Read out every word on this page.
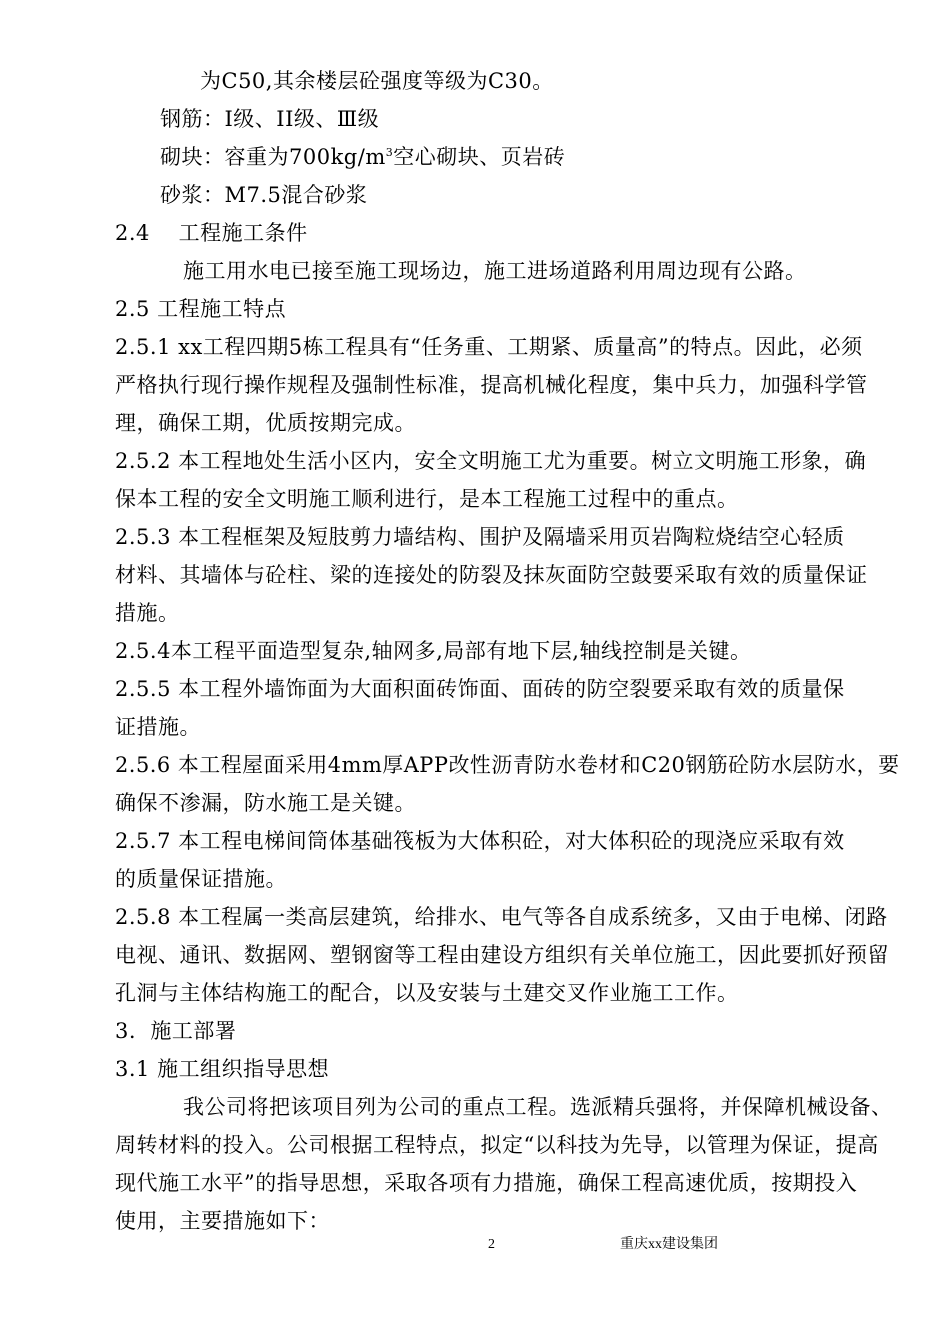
为C50,其余楼层砼强度等级为C30。
钢筋：I级、II级、Ⅲ级
砌块：容重为$700kg/m^3$空心砌块、页岩砖
砂浆：M7.5混合砂浆
2.4    工程施工条件
施工用水电已接至施工现场边，施工进场道路利用周边现有公路。
2.5 工程施工特点
2.5.1 xx工程四期5栋工程具有“任务重、工期紧、质量高”的特点。因此，必须
严格执行现行操作规程及强制性标准，提高机械化程度，集中兵力，加强科学管
理，确保工期，优质按期完成。
2.5.2 本工程地处生活小区内，安全文明施工尤为重要。树立文明施工形象，确
保本工程的安全文明施工顺利进行，是本工程施工过程中的重点。
2.5.3 本工程框架及短肢剪力墙结构、围护及隔墙采用页岩陶粒烧结空心轻质
材料、其墙体与砼柱、梁的连接处的防裂及抹灰面防空鼓要采取有效的质量保证
措施。
2.5.4本工程平面造型复杂,轴网多,局部有地下层,轴线控制是关键。
2.5.5 本工程外墙饰面为大面积面砖饰面、面砖的防空裂要采取有效的质量保
证措施。
2.5.6 本工程屋面采用4mm厚APP改性沥青防水卷材和C20钢筋砼防水层防水，要
确保不渗漏，防水施工是关键。
2.5.7 本工程电梯间筒体基础筏板为大体积砼，对大体积砼的现浇应采取有效
的质量保证措施。
2.5.8 本工程属一类高层建筑，给排水、电气等各自成系统多，又由于电梯、闭路
电视、通讯、数据网、塑钢窗等工程由建设方组织有关单位施工，因此要抓好预留
孔洞与主体结构施工的配合，以及安装与土建交叉作业施工工作。
3.  施工部署
3.1 施工组织指导思想
我公司将把该项目列为公司的重点工程。选派精兵强将，并保障机械设备、
周转材料的投入。公司根据工程特点，拟定“以科技为先导，以管理为保证，提高
现代施工水平”的指导思想，采取各项有力措施，确保工程高速优质，按期投入
使用，主要措施如下：
2	重庆xx建设集团
